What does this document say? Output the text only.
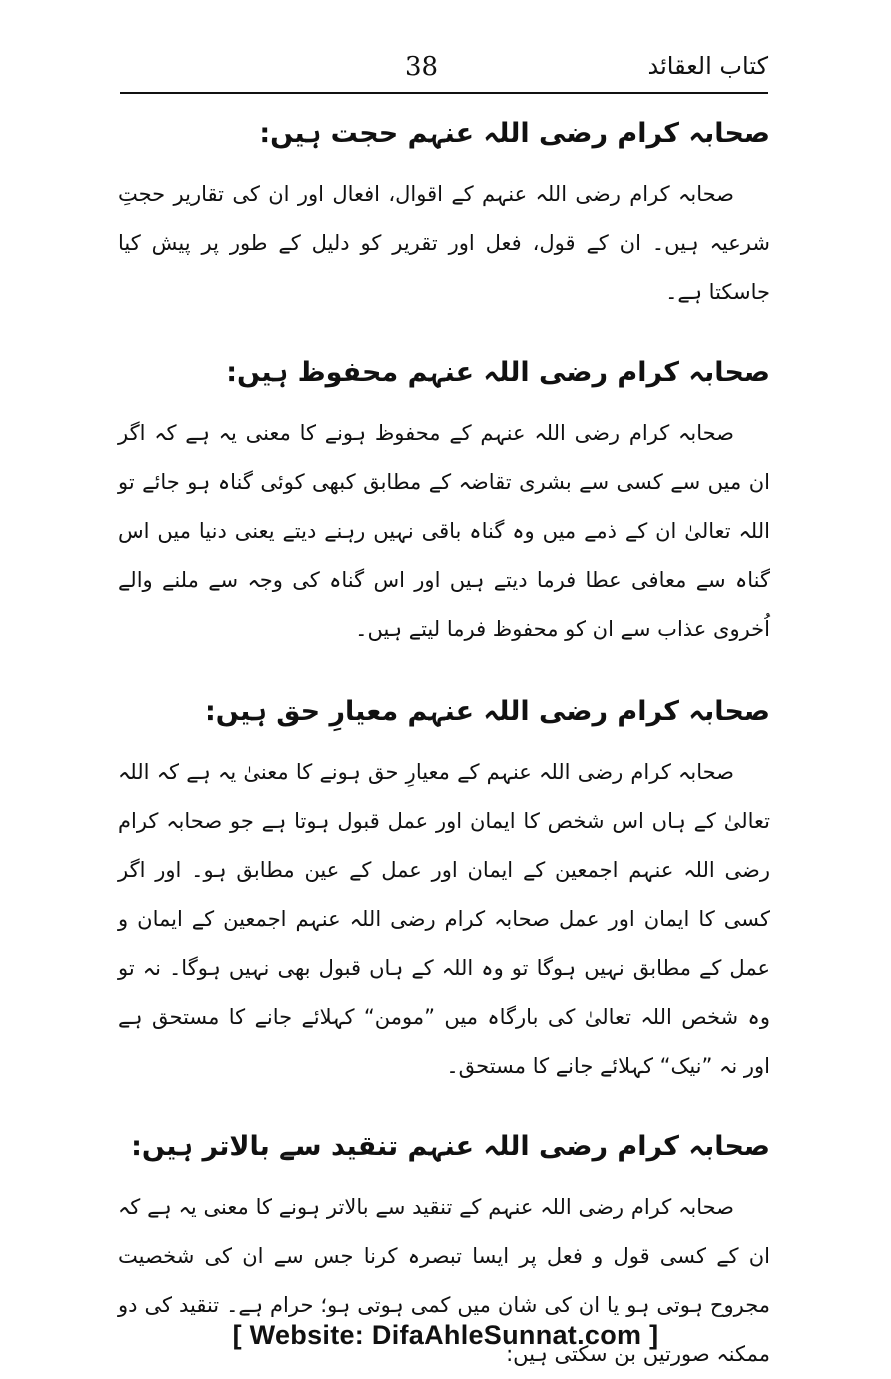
کتاب العقائد
38
صحابہ کرام رضی اللہ عنہم حجت ہیں:

صحابہ کرام رضی اللہ عنہم کے اقوال، افعال اور ان کی تقاریر حجتِ شرعیہ ہیں۔ ان کے قول، فعل اور تقریر کو دلیل کے طور پر پیش کیا جاسکتا ہے۔

صحابہ کرام رضی اللہ عنہم محفوظ ہیں:

صحابہ کرام رضی اللہ عنہم کے محفوظ ہونے کا معنی یہ ہے کہ اگر ان میں سے کسی سے بشری تقاضہ کے مطابق کبھی کوئی گناہ ہو جائے تو اللہ تعالیٰ ان کے ذمے میں وہ گناہ باقی نہیں رہنے دیتے یعنی دنیا میں اس گناہ سے معافی عطا فرما دیتے ہیں اور اس گناہ کی وجہ سے ملنے والے اُخروی عذاب سے ان کو محفوظ فرما لیتے ہیں۔

صحابہ کرام رضی اللہ عنہم معیارِ حق ہیں:

صحابہ کرام رضی اللہ عنہم کے معیارِ حق ہونے کا معنیٰ یہ ہے کہ اللہ تعالیٰ کے ہاں اس شخص کا ایمان اور عمل قبول ہوتا ہے جو صحابہ کرام رضی اللہ عنہم اجمعین کے ایمان اور عمل کے عین مطابق ہو۔ اور اگر کسی کا ایمان اور عمل صحابہ کرام رضی اللہ عنہم اجمعین کے ایمان و عمل کے مطابق نہیں ہوگا تو وہ اللہ کے ہاں قبول بھی نہیں ہوگا۔ نہ تو وہ شخص اللہ تعالیٰ کی بارگاہ میں ”مومن“ کہلائے جانے کا مستحق ہے اور نہ ”نیک“ کہلائے جانے کا مستحق۔

صحابہ کرام رضی اللہ عنہم تنقید سے بالاتر ہیں:

صحابہ کرام رضی اللہ عنہم کے تنقید سے بالاتر ہونے کا معنی یہ ہے کہ ان کے کسی قول و فعل پر ایسا تبصرہ کرنا جس سے ان کی شخصیت مجروح ہوتی ہو یا ان کی شان میں کمی ہوتی ہو؛ حرام ہے۔ تنقید کی دو ممکنہ صورتیں بن سکتی ہیں:

[ Website: DifaAhleSunnat.com ]
